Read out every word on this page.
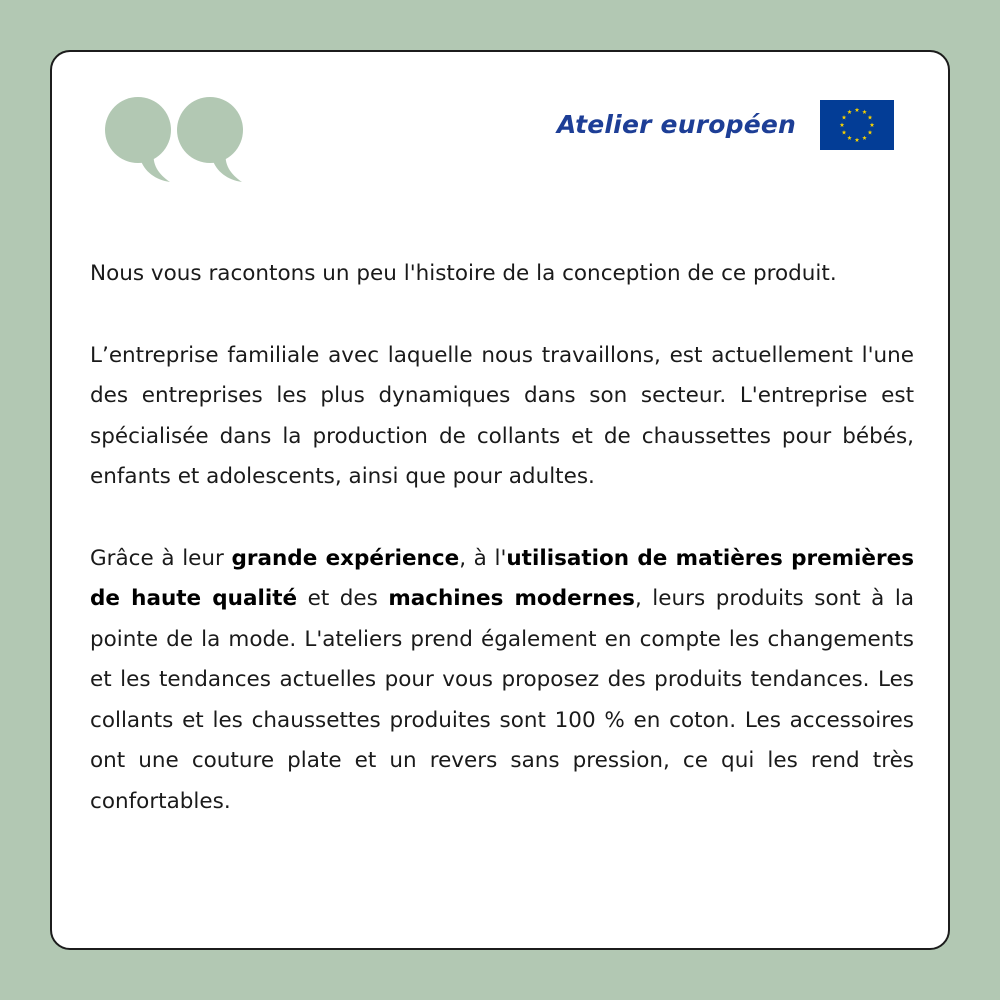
Atelier européen

Nous vous racontons un peu l'histoire de la conception de ce produit.

L’entreprise familiale avec laquelle nous travaillons, est actuellement l'une des entreprises les plus dynamiques dans son secteur. L'entreprise est spécialisée dans la production de collants et de chaussettes pour bébés, enfants et adolescents, ainsi que pour adultes.

Grâce à leur grande expérience, à l'utilisation de matières premières de haute qualité et des machines modernes, leurs produits sont à la pointe de la mode. L'ateliers prend également en compte les changements et les tendances actuelles pour vous proposez des produits tendances. Les collants et les chaussettes produites sont 100 % en coton. Les accessoires ont une couture plate et un revers sans pression, ce qui les rend très confortables.
